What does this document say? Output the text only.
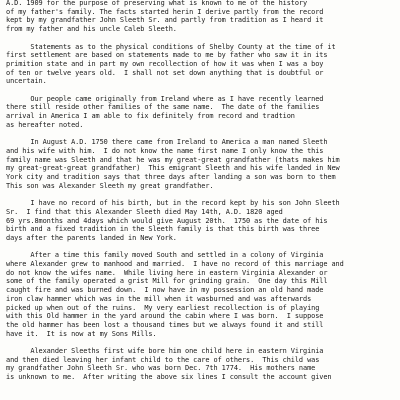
A.D. 1909 for the purpose of preserving what is known to me of the history
of my father's family. The facts started herin I derive partly from the record
kept by my grandfather John Sleeth Sr. and partly from tradition as I heard it
from my father and his uncle Caleb Sleeth.
Statements as to the physical conditions of Shelby County at the time of it
first settlement are based on statements made to me by father who saw it in its
primition state and in part my own recollection of how it was when I was a boy
of ten or twelve years old.  I shall not set down anything that is doubtful or
uncertain.
Our people came originally from Ireland where as I have recently learned
there still reside other families of the same name.  The date of the families
arrival in America I am able to fix definitely from record and tradtion
as hereafter noted.
In August A.D. 1750 there came from Ireland to America a man named Sleeth
and his wife with him.  I do not know the name first name I only know the this
family name was Sleeth and that he was my great-great grandfather (thats makes him
my great-great-great grandfather)  This emigrant Sleeth and his wife landed in New
York city and tradition says that three days after landing a son was born to them
This son was Alexander Sleeth my great grandfather.
I have no record of his birth, but in the record kept by his son John Sleeth
Sr.  I find that this Alexander Sleeth died May 14th, A.D. 1820 aged
69 yrs.8months and 4days which would give August 20th.  1750 as the date of his
birth and a fixed tradition in the Sleeth family is that this birth was three
days after the parents landed in New York.
After a time this family moved South and settled in a colony of Virginia
where Alexander grew to manhood and married.  I have no record of this marriage and
do not know the wifes name.  While living here in eastern Virginia Alexander or
some of the family operated a grist Mill for grinding grain.  One day this Mill
caught fire and was burned down.  I now have in my possession an old hand made
iron claw hammer which was in the mill when it wasburned and was afterwards
picked up when out of the ruins.  My very earliest recollection is of playing
with this Old hammer in the yard around the cabin where I was born.  I suppose
the old hammer has been lost a thousand times but we always found it and still
have it.  It is now at my Sons Mills.
Alexander Sleeths first wife bore him one child here in eastern Virginia
and then died leaving her infant child to the care of others.  This child was
my grandfather John Sleeth Sr. who was born Dec. 7th 1774.  His mothers name
is unknown to me.  After writing the above six lines I consult the account given
